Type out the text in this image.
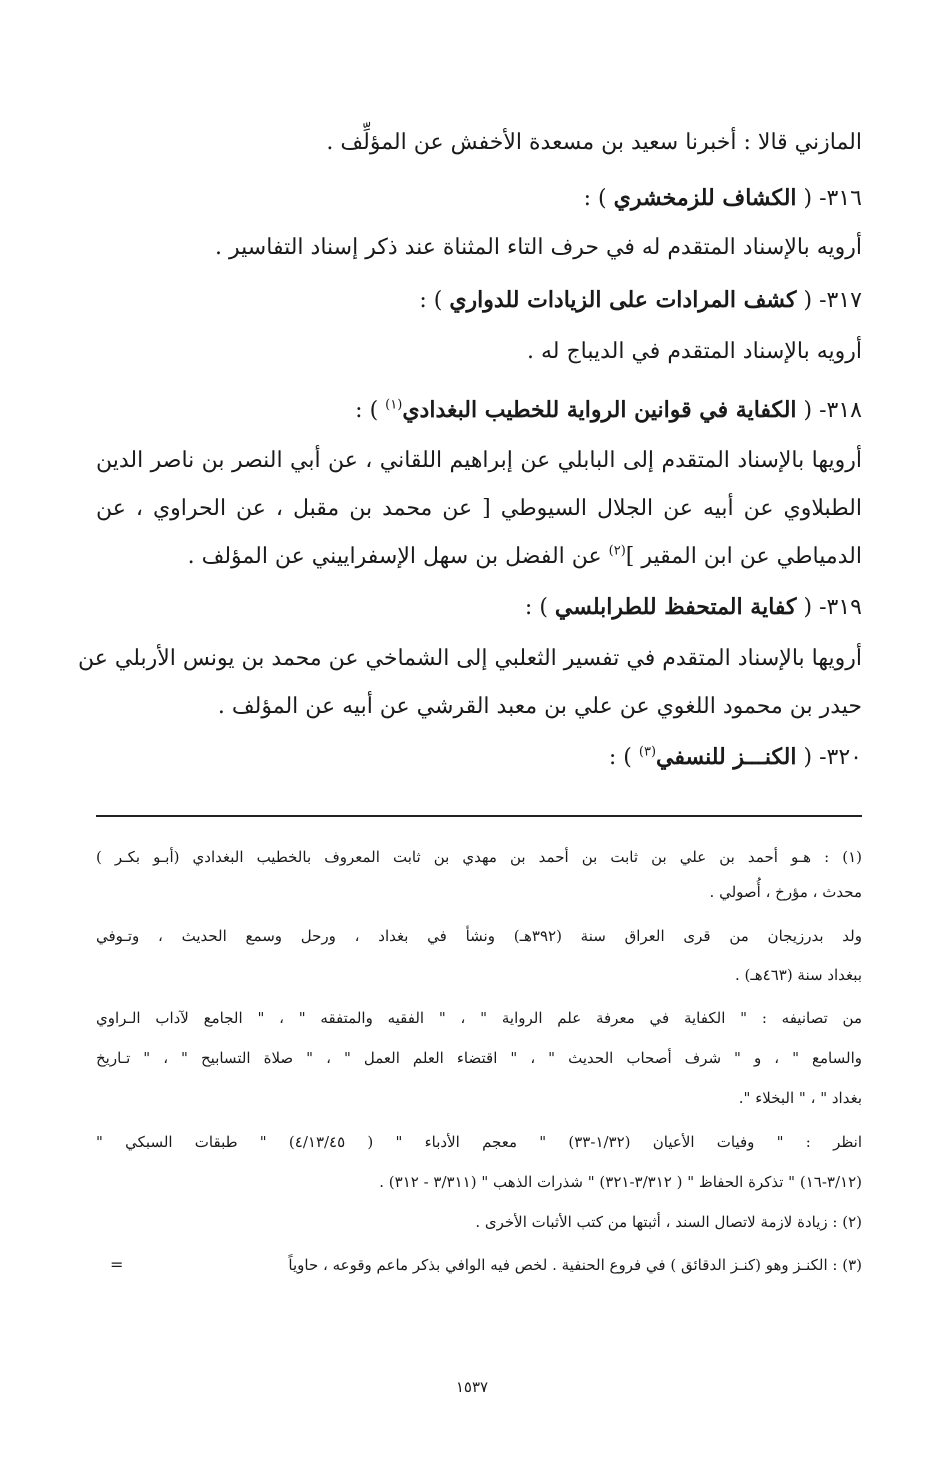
المازني قالا : أخبرنا سعيد بن مسعدة الأخفش عن المؤلِّف .
٣١٦- ( الكشاف للزمخشري ) :
أرويه بالإسناد المتقدم له في حرف التاء المثناة عند ذكر إسناد التفاسير .
٣١٧- ( كشف المرادات على الزيادات للدواري ) :
أرويه بالإسناد المتقدم في الديباج له .
٣١٨- ( الكفاية في قوانين الرواية للخطيب البغدادي$^{(١)}$ ) :
أرويها بالإسناد المتقدم إلى البابلي عن إبراهيم اللقاني ، عن أبي النصر بن ناصر الدين
الطبلاوي عن أبيه عن الجلال السيوطي [ عن محمد بن مقبل ، عن الحراوي ، عن
الدمياطي عن ابن المقير ]$^{(٢)}$ عن الفضل بن سهل الإسفراييني عن المؤلف .
٣١٩- ( كفاية المتحفظ للطرابلسي ) :
أرويها بالإسناد المتقدم في تفسير الثعلبي إلى الشماخي عن محمد بن يونس الأربلي عن
حيدر بن محمود اللغوي عن علي بن معبد القرشي عن أبيه عن المؤلف .
٣٢٠- ( الكنـــز للنسفي$^{(٣)}$ ) :
(١) : هـو أحمد بن علي بن ثابت بن أحمد بن مهدي بن ثابت المعروف بالخطيب البغدادي (أبـو بكـر )
محدث ، مؤرخ ، أُصولي .
ولد بدرزيجان من قرى العراق سنة (٣٩٢هـ) ونشأ في بغداد ، ورحل وسمع الحديث ، وتـوفي
ببغداد سنة (٤٦٣هـ) .
من تصانيفه : " الكفاية في معرفة علم الرواية " ، " الفقيه والمتفقه " ، " الجامع لآداب الـراوي
والسامع " ، و " شرف أصحاب الحديث " ، " اقتضاء العلم العمل " ، " صلاة التسابيح " ، " تـاريخ
بغداد " ، " البخلاء ".
انظر : " وفيات الأعيان (١/٣٢-٣٣) " معجم الأدباء " ( ٤/١٣/٤٥) " طبقات السبكي "
(٣/١٢-١٦) " تذكرة الحفاظ " ( ٣/٣١٢-٣٢١) " شذرات الذهب " (٣/٣١١ - ٣١٢) .
(٢) : زيادة لازمة لاتصال السند ، أثبتها من كتب الأثبات الأخرى .
(٣) : الكنـز وهو (كنـز الدقائق ) في فروع الحنفية . لخص فيه الوافي بذكر ماعم وقوعه ، حاوياً
=
١٥٣٧
